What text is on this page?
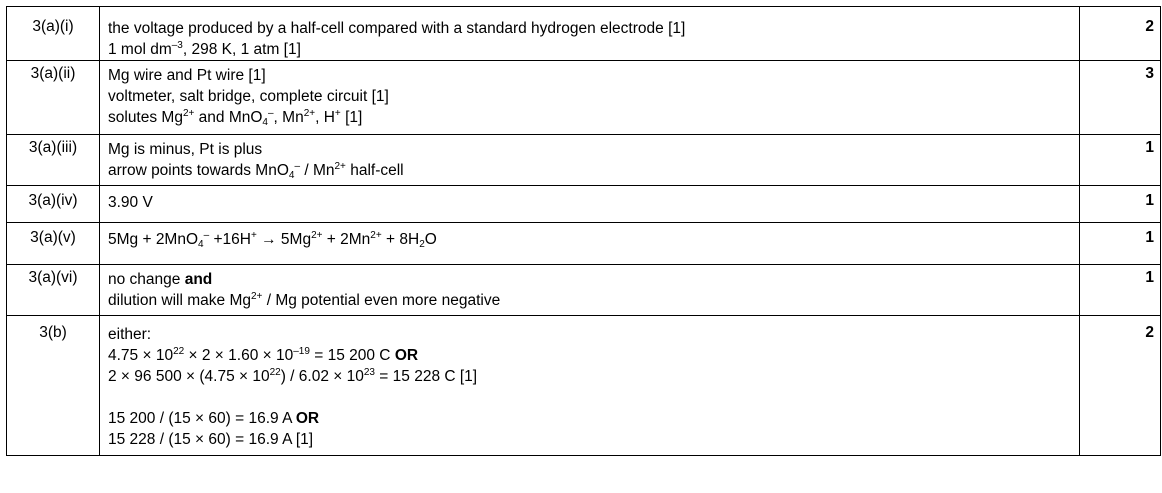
3(a)(i)	the voltage produced by a half-cell compared with a standard hydrogen electrode [1]
1 mol $dm^{-3}$, 298 K, 1 atm [1]	2
3(a)(ii)	Mg wire and Pt wire [1]
voltmeter, salt bridge, complete circuit [1]
solutes $Mg^{2+}$ and MnO$_4$–, $Mn^{2+}$, H+ [1]	3
3(a)(iii)	Mg is minus, Pt is plus
arrow points towards $MnO_4^- / Mn^{2+}$ half-cell	1
3(a)(iv)	3.90 V	1
3(a)(v)	$5Mg + 2MnO_4^- +16H^+ \to 5Mg^{2+} + 2Mn^{2+} + 8H_2O$	1
3(a)(vi)	no change and
dilution will make $Mg^{2+}$ / Mg potential even more negative	1
3(b)	either:
$4.75 \times 10^{22} \times 2 \times 1.60 \times 10^{-19} = 15$ 200 C OR
2 × 96 $500 \times (4.75 \times 10^{22}) / 6.02 \times 10^{23} = 15$ 228 C [1]
15 200 / (15 × 60) = 16.9 A OR
15 228 / (15 × 60) = 16.9 A [1]	2
